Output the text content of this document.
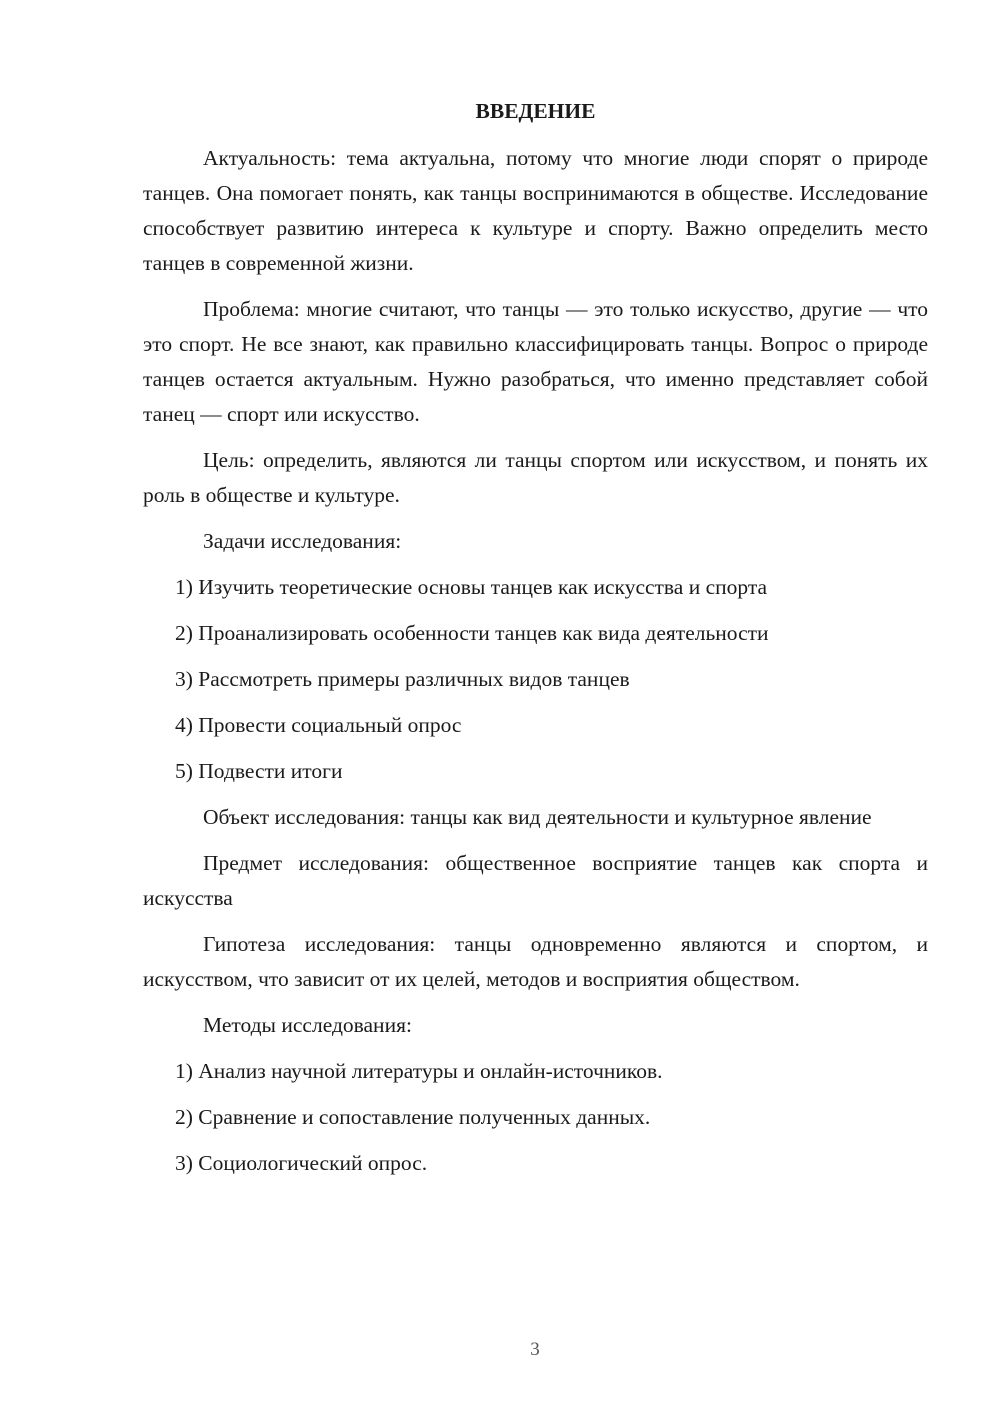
ВВЕДЕНИЕ

Актуальность: тема актуальна, потому что многие люди спорят о природе танцев. Она помогает понять, как танцы воспринимаются в обществе. Исследование способствует развитию интереса к культуре и спорту. Важно определить место танцев в современной жизни.

Проблема: многие считают, что танцы — это только искусство, другие — что это спорт. Не все знают, как правильно классифицировать танцы. Вопрос о природе танцев остается актуальным. Нужно разобраться, что именно представляет собой танец — спорт или искусство.

Цель: определить, являются ли танцы спортом или искусством, и понять их роль в обществе и культуре.

Задачи исследования:

1) Изучить теоретические основы танцев как искусства и спорта
2) Проанализировать особенности танцев как вида деятельности
3) Рассмотреть примеры различных видов танцев
4) Провести социальный опрос
5) Подвести итоги

Объект исследования: танцы как вид деятельности и культурное явление

Предмет исследования: общественное восприятие танцев как спорта и искусства

Гипотеза исследования: танцы одновременно являются и спортом, и искусством, что зависит от их целей, методов и восприятия обществом.

Методы исследования:

1) Анализ научной литературы и онлайн-источников.
2) Сравнение и сопоставление полученных данных.
3) Социологический опрос.
3
